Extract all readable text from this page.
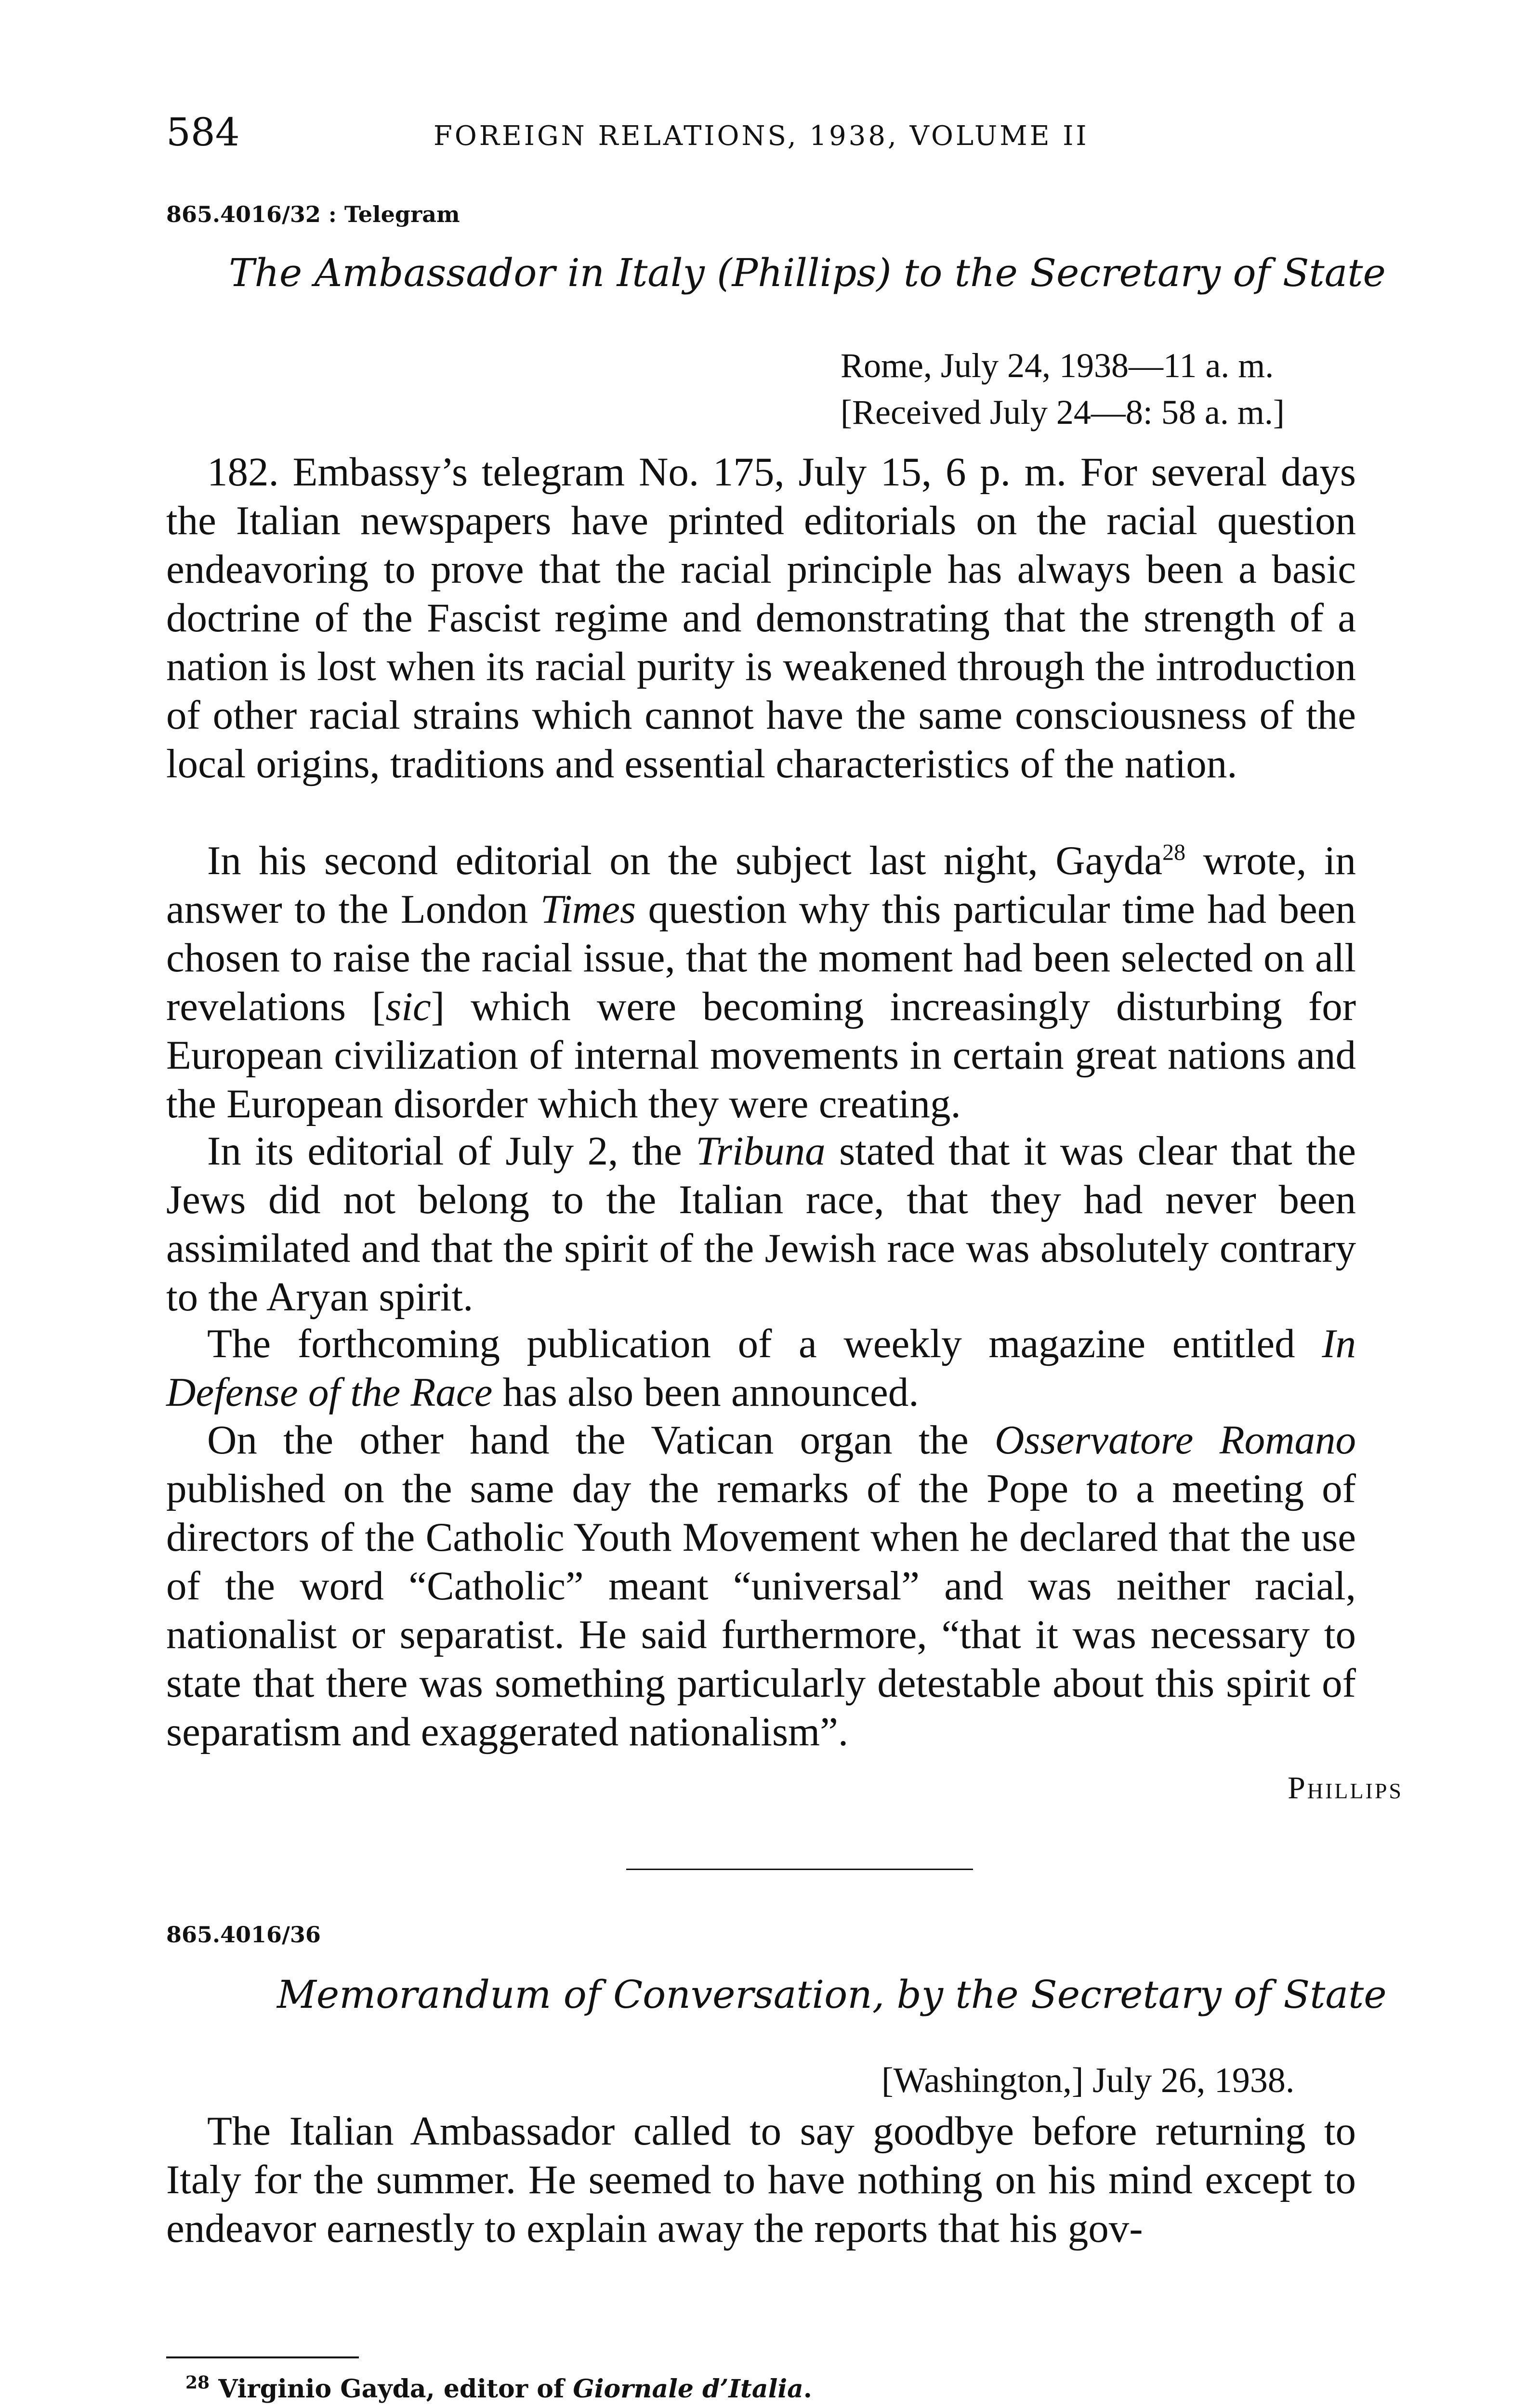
584	FOREIGN RELATIONS, 1938, VOLUME II
865.4016/32 : Telegram
The Ambassador in Italy (Phillips) to the Secretary of State
Rome, July 24, 1938—11 a. m.
[Received July 24—8: 58 a. m.]

182. Embassy’s telegram No. 175, July 15, 6 p. m. For several days the Italian newspapers have printed editorials on the racial question endeavoring to prove that the racial principle has always been a basic doctrine of the Fascist regime and demonstrating that the strength of a nation is lost when its racial purity is weakened through the introduction of other racial strains which cannot have the same consciousness of the local origins, traditions and essential characteristics of the nation.

In his second editorial on the subject last night, Gayda$^{28}$ wrote, in answer to the London Times question why this particular time had been chosen to raise the racial issue, that the moment had been selected on all revelations [sic] which were becoming increasingly disturbing for European civilization of internal movements in certain great nations and the European disorder which they were creating.

In its editorial of July 2, the Tribuna stated that it was clear that the Jews did not belong to the Italian race, that they had never been assimilated and that the spirit of the Jewish race was absolutely contrary to the Aryan spirit.

The forthcoming publication of a weekly magazine entitled In Defense of the Race has also been announced.

On the other hand the Vatican organ the Osservatore Romano published on the same day the remarks of the Pope to a meeting of directors of the Catholic Youth Movement when he declared that the use of the word “Catholic” meant “universal” and was neither racial, nationalist or separatist. He said furthermore, “that it was necessary to state that there was something particularly detestable about this spirit of separatism and exaggerated nationalism”.

Phillips
865.4016/36
Memorandum of Conversation, by the Secretary of State
[Washington,] July 26, 1938.

The Italian Ambassador called to say goodbye before returning to Italy for the summer. He seemed to have nothing on his mind except to endeavor earnestly to explain away the reports that his gov-

$^{28}$ Virginio Gayda, editor of Giornale d’Italia.
